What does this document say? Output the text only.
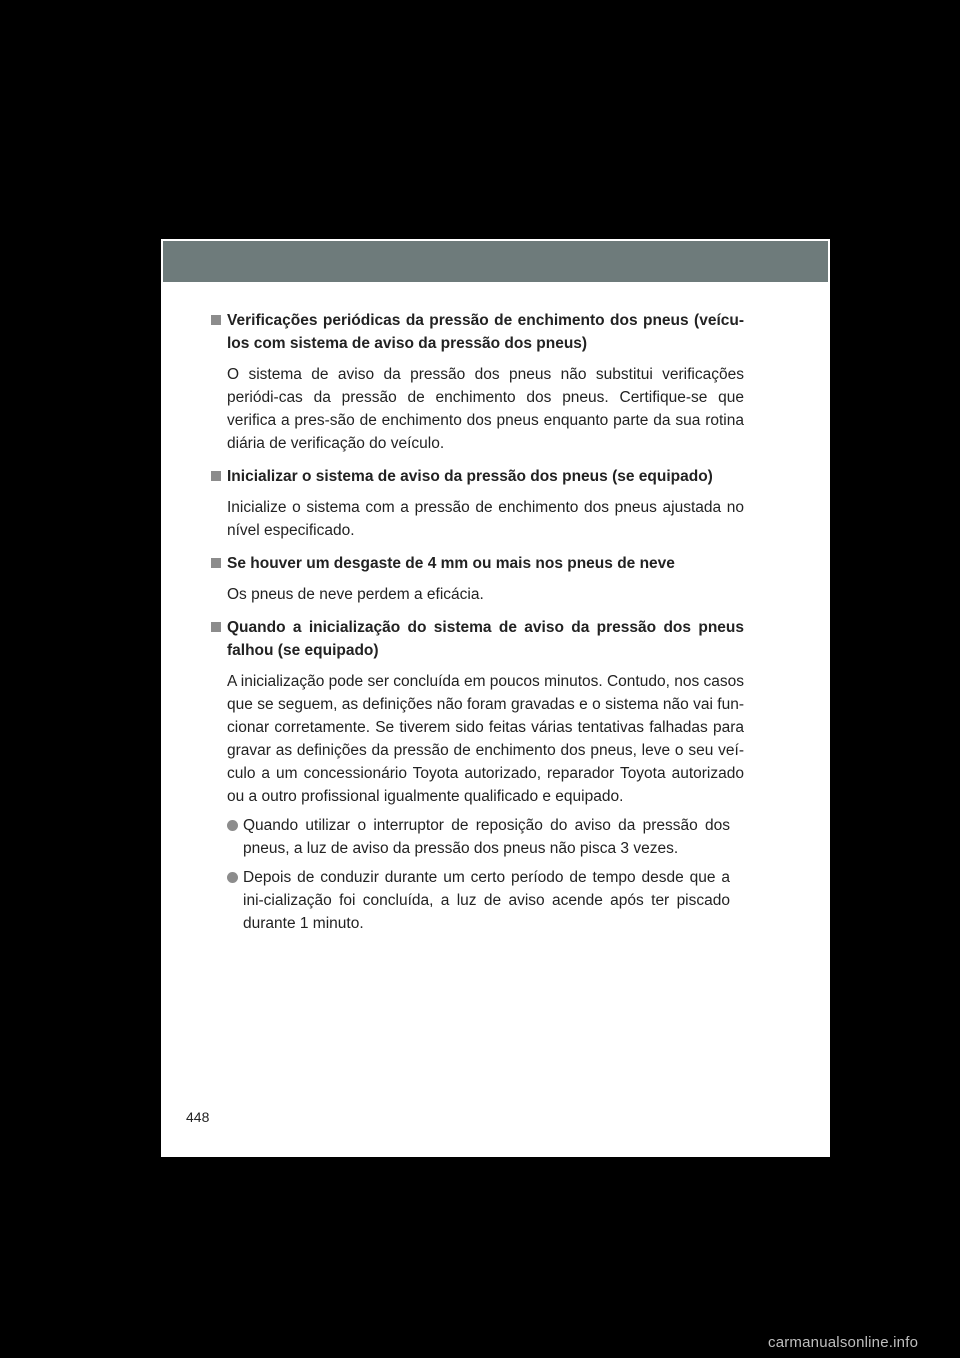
Verificações periódicas da pressão de enchimento dos pneus (veícu-los com sistema de aviso da pressão dos pneus)
O sistema de aviso da pressão dos pneus não substitui verificações periódi-cas da pressão de enchimento dos pneus. Certifique-se que verifica a pres-são de enchimento dos pneus enquanto parte da sua rotina diária de verificação do veículo.
Inicializar o sistema de aviso da pressão dos pneus (se equipado)
Inicialize o sistema com a pressão de enchimento dos pneus ajustada no nível especificado.
Se houver um desgaste de 4 mm ou mais nos pneus de neve
Os pneus de neve perdem a eficácia.
Quando a inicialização do sistema de aviso da pressão dos pneus falhou (se equipado)
A inicialização pode ser concluída em poucos minutos. Contudo, nos casos que se seguem, as definições não foram gravadas e o sistema não vai fun-cionar corretamente. Se tiverem sido feitas várias tentativas falhadas para gravar as definições da pressão de enchimento dos pneus, leve o seu veí-culo a um concessionário Toyota autorizado, reparador Toyota autorizado ou a outro profissional igualmente qualificado e equipado.
Quando utilizar o interruptor de reposição do aviso da pressão dos pneus, a luz de aviso da pressão dos pneus não pisca 3 vezes.
Depois de conduzir durante um certo período de tempo desde que a ini-cialização foi concluída, a luz de aviso acende após ter piscado durante 1 minuto.
448
carmanualsonline.info
